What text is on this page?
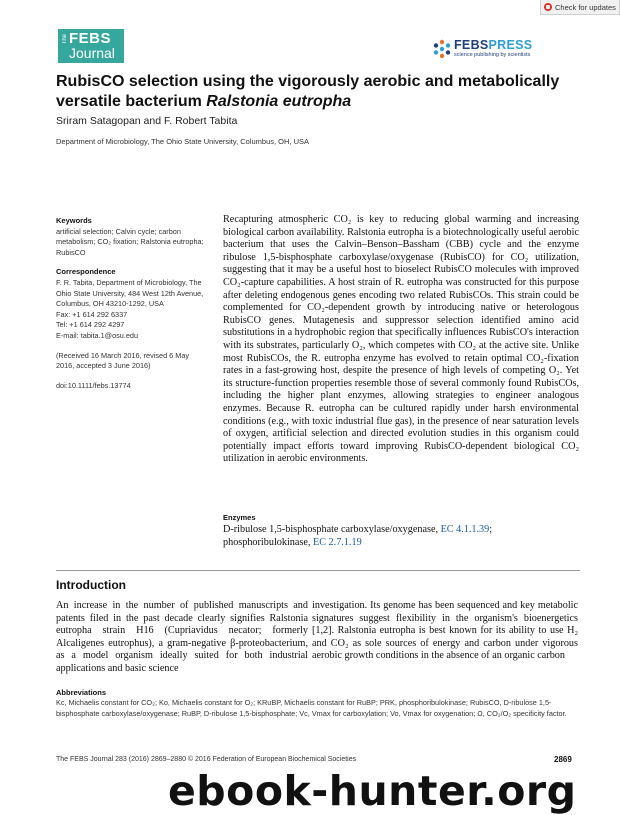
Check for updates
The FEBS
Journal	FEBSPRESS
science publishing by scientists
RubisCO selection using the vigorously aerobic and metabolically versatile bacterium Ralstonia eutropha
Sriram Satagopan and F. Robert Tabita
Department of Microbiology, The Ohio State University, Columbus, OH, USA
Keywords
artificial selection; Calvin cycle; carbon metabolism; CO₂ fixation; Ralstonia eutropha; RubisCO
Correspondence
F. R. Tabita, Department of Microbiology, The Ohio State University, 484 West 12th Avenue, Columbus, OH 43210-1292, USA
Fax: +1 614 292 6337
Tel: +1 614 292 4297
E-mail: tabita.1@osu.edu
(Received 16 March 2016, revised 6 May 2016, accepted 3 June 2016)
doi:10.1111/febs.13774

Recapturing atmospheric CO₂ is key to reducing global warming and increasing biological carbon availability. Ralstonia eutropha is a biotechnologically useful aerobic bacterium that uses the Calvin–Benson–Bassham (CBB) cycle and the enzyme ribulose 1,5-bisphosphate carboxylase/oxygenase (RubisCO) for CO₂ utilization, suggesting that it may be a useful host to bioselect RubisCO molecules with improved CO₂-capture capabilities. A host strain of R. eutropha was constructed for this purpose after deleting endogenous genes encoding two related RubisCOs. This strain could be complemented for CO₂-dependent growth by introducing native or heterologous RubisCO genes. Mutagenesis and suppressor selection identified amino acid substitutions in a hydrophobic region that specifically influences RubisCO's interaction with its substrates, particularly O₂, which competes with CO₂ at the active site. Unlike most RubisCOs, the R. eutropha enzyme has evolved to retain optimal CO₂-fixation rates in a fast-growing host, despite the presence of high levels of competing O₂. Yet its structure-function properties resemble those of several commonly found RubisCOs, including the higher plant enzymes, allowing strategies to engineer analogous enzymes. Because R. eutropha can be cultured rapidly under harsh environmental conditions (e.g., with toxic industrial flue gas), in the presence of near saturation levels of oxygen, artificial selection and directed evolution studies in this organism could potentially impact efforts toward improving RubisCO-dependent biological CO₂ utilization in aerobic environments.

Enzymes
D-ribulose 1,5-bisphosphate carboxylase/oxygenase, EC 4.1.1.39; phosphoribulokinase, EC 2.7.1.19
Introduction

An increase in the number of published manuscripts and patents filed in the past decade clearly signifies Ralstonia eutropha strain H16 (Cupriavidus necator; formerly Alcaligenes eutrophus), a gram-negative β-proteobacterium, as a model organism ideally suited for both industrial applications and basic science

investigation. Its genome has been sequenced and key metabolic signatures suggest flexibility in the organism's bioenergetics [1,2]. Ralstonia eutropha is best known for its ability to use H₂ and CO₂ as sole sources of energy and carbon under vigorous aerobic growth conditions in the absence of an organic carbon

Abbreviations
Kc, Michaelis constant for CO₂; Ko, Michaelis constant for O₂; KRuBP, Michaelis constant for RuBP; PRK, phosphoribulokinase; RubisCO, D-ribulose 1,5-bisphosphate carboxylase/oxygenase; RuBP, D-ribulose 1,5-bisphosphate; Vc, Vmax for carboxylation; Vo, Vmax for oxygenation; Ω, CO₂/O₂ specificity factor.
The FEBS Journal 283 (2016) 2869–2880 © 2016 Federation of European Biochemical Societies	2869
ebook-hunter.org
